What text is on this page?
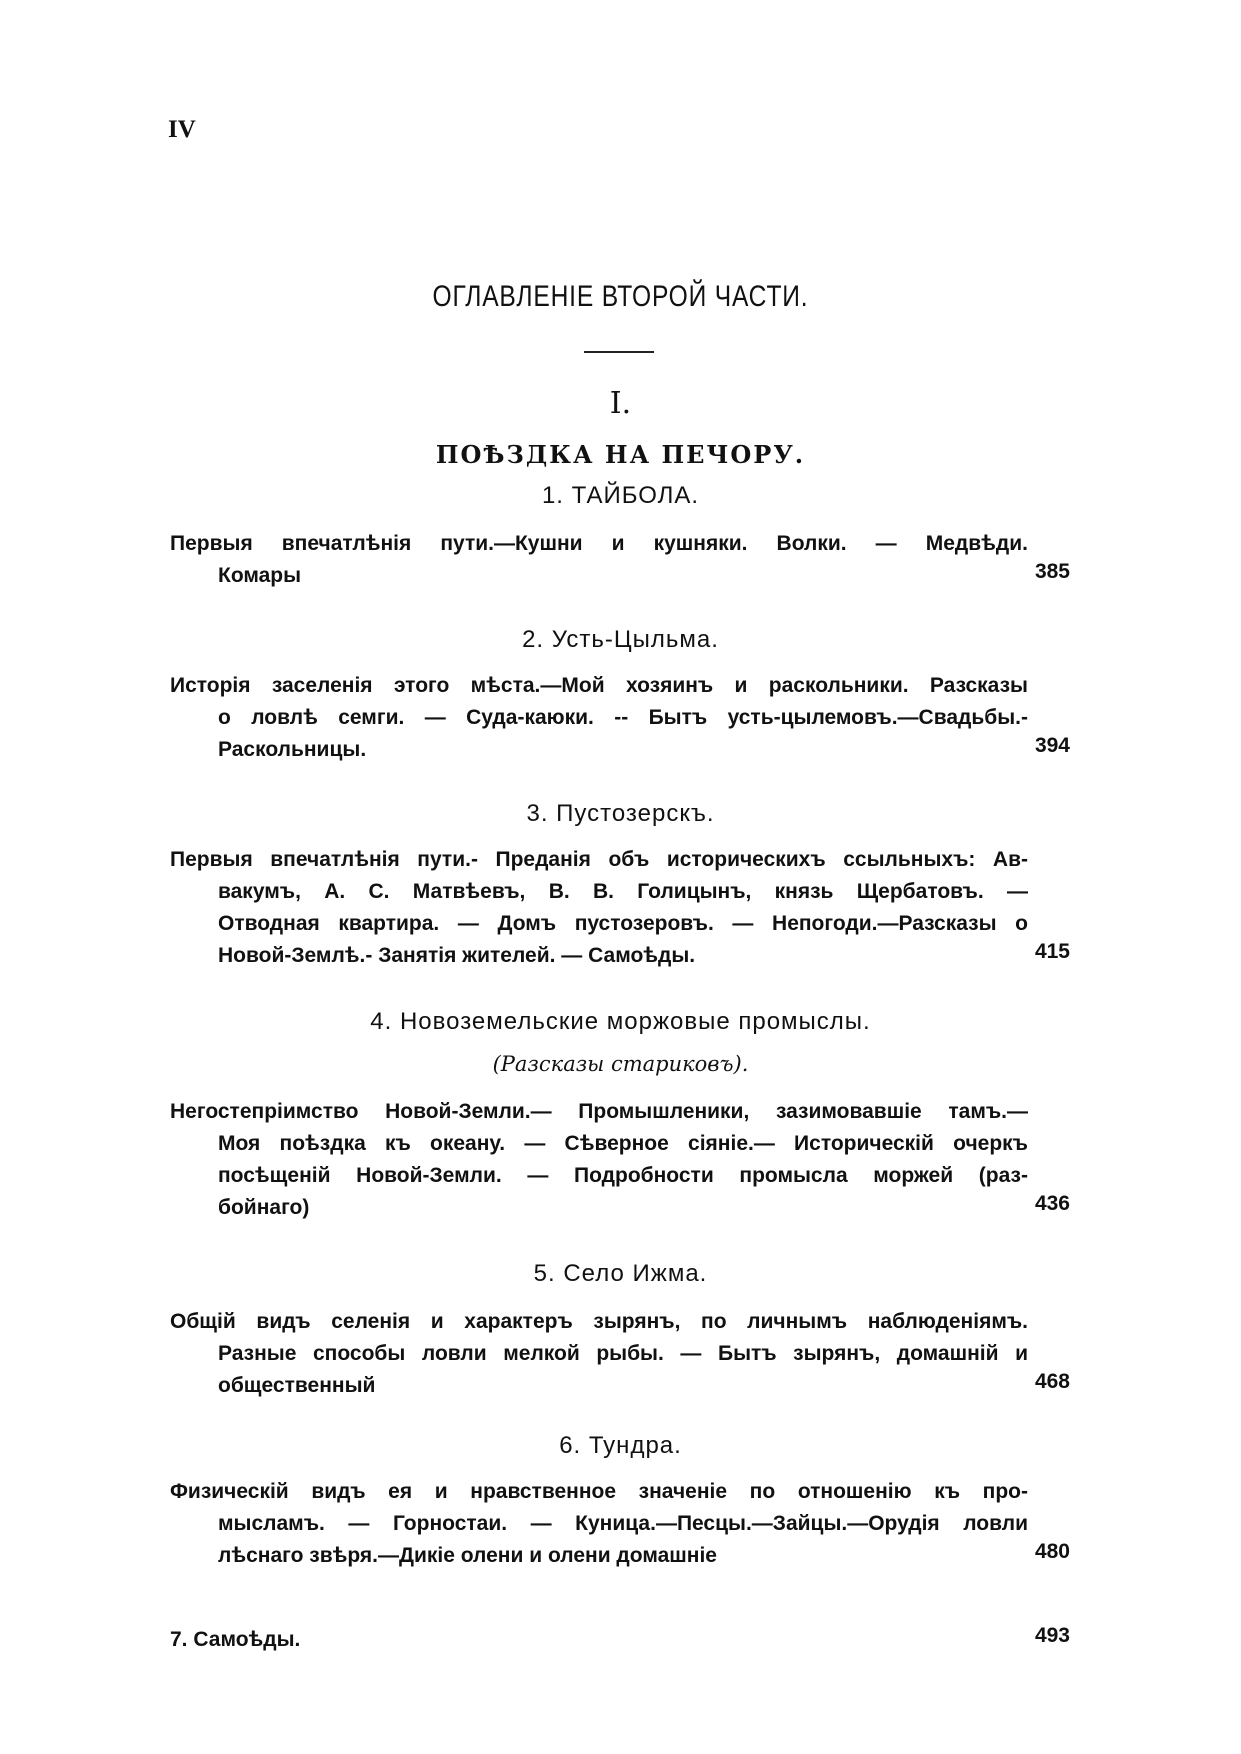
IV
ОГЛАВЛЕНIЕ ВТОРОЙ ЧАСТИ.
I.
ПОѢЗДКА НА ПЕЧОРУ.
1. ТАЙБОЛА.
Первыя впечатлѣнiя пути.—Кушни и кушняки. Волки. — Медвѣди.
Комары	385
2. Усть-Цыльма.
Исторiя заселенiя этого мѣста.—Мой хозяинъ и раскольники. Разсказы
о ловлѣ семги. — Суда-каюки. -- Бытъ усть-цылемовъ.—Свадьбы.-
Раскольницы.	394
3. Пустозерскъ.
Первыя впечатлѣнiя пути.- Преданiя объ историческихъ ссыльныхъ: Ав-
вакумъ, А. С. Матвѣевъ, В. В. Голицынъ, князь Щербатовъ. —
Отводная квартира. — Домъ пустозеровъ. — Непогоди.—Разсказы о
Новой-Землѣ.- Занятiя жителей. — Самоѣды.	415
4. Новоземельские моржовые промыслы.
(Разсказы стариковъ).
Негостепрiимство Новой-Земли.— Промышленики, зазимовавшiе тамъ.—
Моя поѣздка къ океану. — Сѣверное сiянiе.— Историческiй очеркъ
посѣщенiй Новой-Земли. — Подробности промысла моржей (раз-
бойнаго)	436
5. Село Ижма.
Общiй видъ селенiя и характеръ зырянъ, по личнымъ наблюденiямъ.
Разные способы ловли мелкой рыбы. — Бытъ зырянъ, домашнiй и
общественный	468
6. Тундра.
Физическiй видъ ея и нравственное значенiе по отношенiю къ про-
мысламъ. — Горностаи. — Куница.—Песцы.—Зайцы.—Орудiя ловли
лѣснаго звѣря.—Дикiе олени и олени домашнiе	480
7. Самоѣды.	493
